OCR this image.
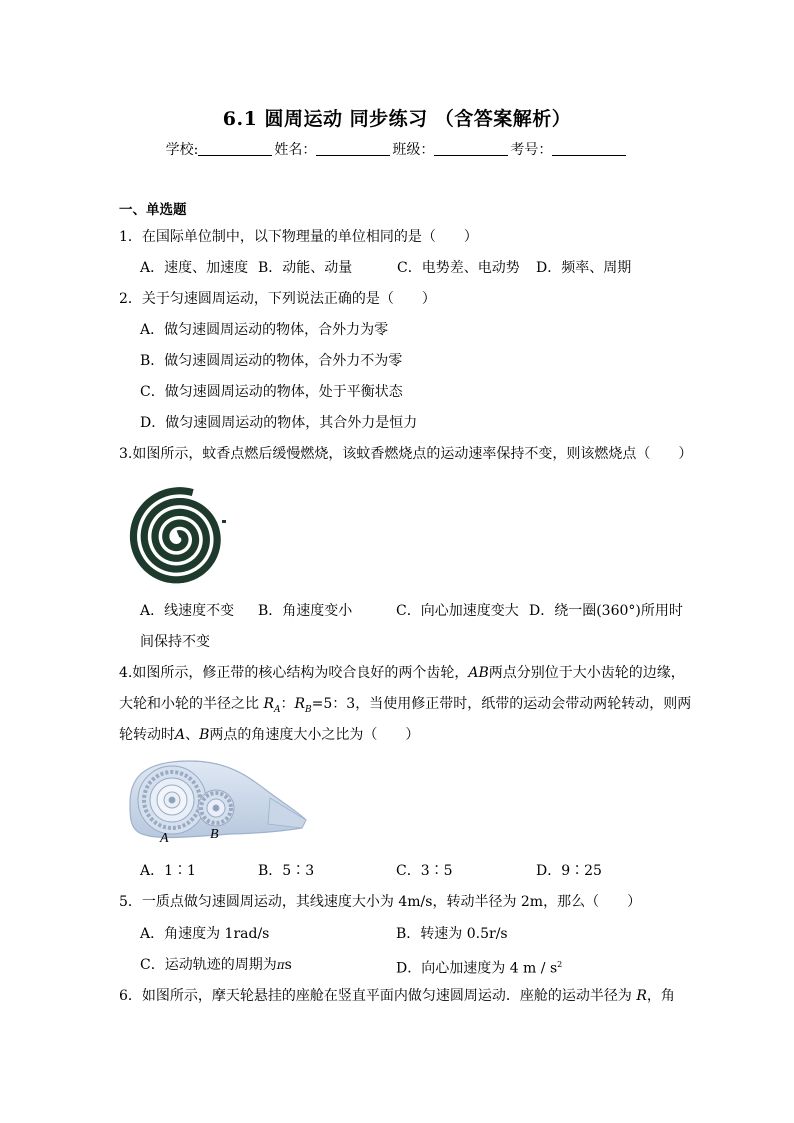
6.1 圆周运动 同步练习 （含答案解析）
学校:	姓名：	班级：	考号：
一、单选题
1．在国际单位制中，以下物理量的单位相同的是（　　）
A．速度、加速度 B．动能、动量	C．电势差、电动势 D．频率、周期
2．关于匀速圆周运动，下列说法正确的是（　　）
A．做匀速圆周运动的物体，合外力为零
B．做匀速圆周运动的物体，合外力不为零
C．做匀速圆周运动的物体，处于平衡状态
D．做匀速圆周运动的物体，其合外力是恒力
3.如图所示，蚊香点燃后缓慢燃烧，该蚊香燃烧点的运动速率保持不变，则该燃烧点（　　）
A．线速度不变 B．角速度变小	C．向心加速度变大 D．绕一圈(360°)所用时
间保持不变
4.如图所示，修正带的核心结构为咬合良好的两个齿轮，AB两点分别位于大小齿轮的边缘，
大轮和小轮的半径之比 $R_A$：$R_B=5$：3，当使用修正带时，纸带的运动会带动两轮转动，则两
轮转动时A、B两点的角速度大小之比为（　　）
A	B
A．1∶1	B．5∶3	C．3∶5	D．9∶25
5．一质点做匀速圆周运动，其线速度大小为 4m/s，转动半径为 2m，那么（　　）
A．角速度为 1rad/s	B．转速为 0.5r/s
C．运动轨迹的周期为πs	D．向心加速度为 4 m / $s^2$
6．如图所示，摩天轮悬挂的座舱在竖直平面内做匀速圆周运动．座舱的运动半径为 R，角
